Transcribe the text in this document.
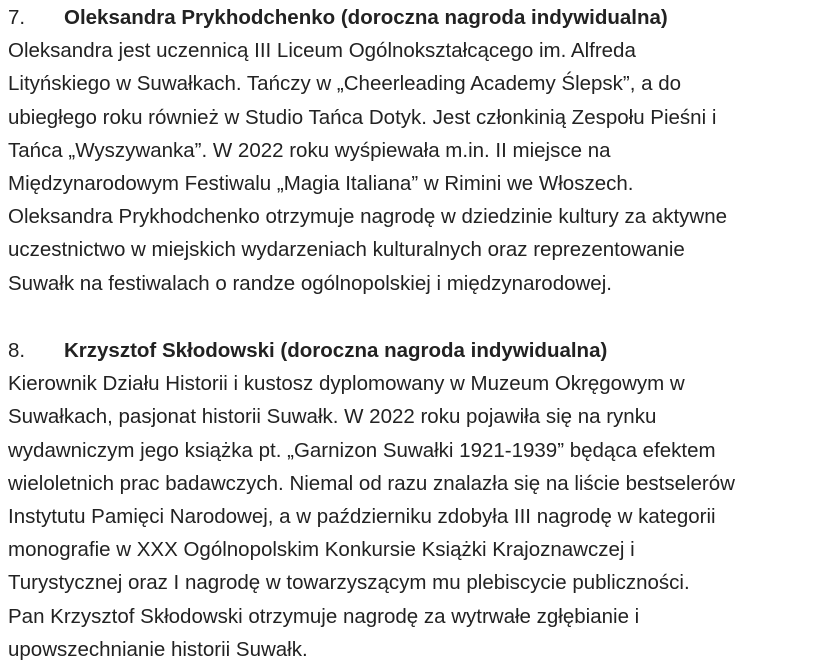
7.	Oleksandra Prykhodchenko (doroczna nagroda indywidualna)
Oleksandra jest uczennicą III Liceum Ogólnokształcącego im. Alfreda
Lityńskiego w Suwałkach. Tańczy w „Cheerleading Academy Ślepsk”, a do
ubiegłego roku również w Studio Tańca Dotyk. Jest członkinią Zespołu Pieśni i
Tańca „Wyszywanka”. W 2022 roku wyśpiewała m.in. II miejsce na
Międzynarodowym Festiwalu „Magia Italiana” w Rimini we Włoszech.
Oleksandra Prykhodchenko otrzymuje nagrodę w dziedzinie kultury za aktywne
uczestnictwo w miejskich wydarzeniach kulturalnych oraz reprezentowanie
Suwałk na festiwalach o randze ogólnopolskiej i międzynarodowej.
8.	Krzysztof Skłodowski (doroczna nagroda indywidualna)
Kierownik Działu Historii i kustosz dyplomowany w Muzeum Okręgowym w
Suwałkach, pasjonat historii Suwałk. W 2022 roku pojawiła się na rynku
wydawniczym jego książka pt. „Garnizon Suwałki 1921-1939” będąca efektem
wieloletnich prac badawczych. Niemal od razu znalazła się na liście bestselerów
Instytutu Pamięci Narodowej, a w październiku zdobyła III nagrodę w kategorii
monografie w XXX Ogólnopolskim Konkursie Książki Krajoznawczej i
Turystycznej oraz I nagrodę w towarzyszącym mu plebiscycie publiczności.
Pan Krzysztof Skłodowski otrzymuje nagrodę za wytrwałe zgłębianie i
upowszechnianie historii Suwałk.
